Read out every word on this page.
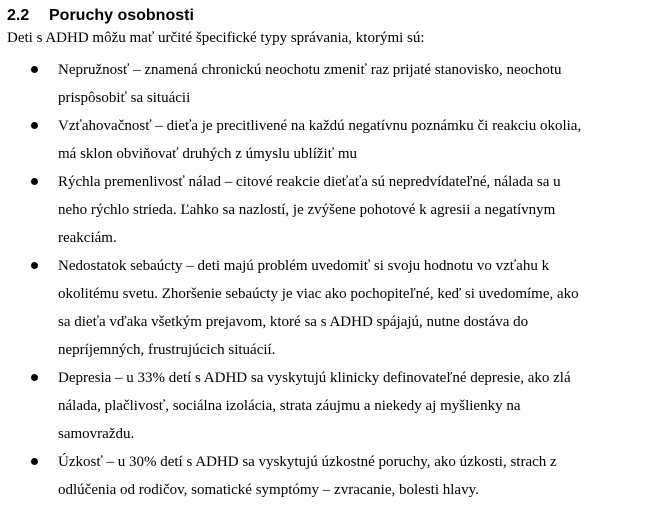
2.2 Poruchy osobnosti
Deti s ADHD môžu mať určité špecifické typy správania, ktorými sú:
Nepružnosť – znamená chronickú neochotu zmeniť raz prijaté stanovisko, neochotu
prispôsobiť sa situácii
Vzťahovačnosť – dieťa je precitlivené na každú negatívnu poznámku či reakciu okolia,
má sklon obviňovať druhých z úmyslu ublížiť mu
Rýchla premenlivosť nálad – citové reakcie dieťaťa sú nepredvídateľné, nálada sa u
neho rýchlo strieda. Ľahko sa nazlostí, je zvýšene pohotové k agresii a negatívnym
reakciám.
Nedostatok sebaúcty – deti majú problém uvedomiť si svoju hodnotu vo vzťahu k
okolitému svetu. Zhoršenie sebaúcty je viac ako pochopiteľné, keď si uvedomíme, ako
sa dieťa vďaka všetkým prejavom, ktoré sa s ADHD spájajú, nutne dostáva do
nepríjemných, frustrujúcich situácií.
Depresia – u 33% detí s ADHD sa vyskytujú klinicky definovateľné depresie, ako zlá
nálada, plačlivosť, sociálna izolácia, strata záujmu a niekedy aj myšlienky na
samovraždu.
Úzkosť – u 30% detí s ADHD sa vyskytujú úzkostné poruchy, ako úzkosti, strach z
odlúčenia od rodičov, somatické symptómy – zvracanie, bolesti hlavy.
